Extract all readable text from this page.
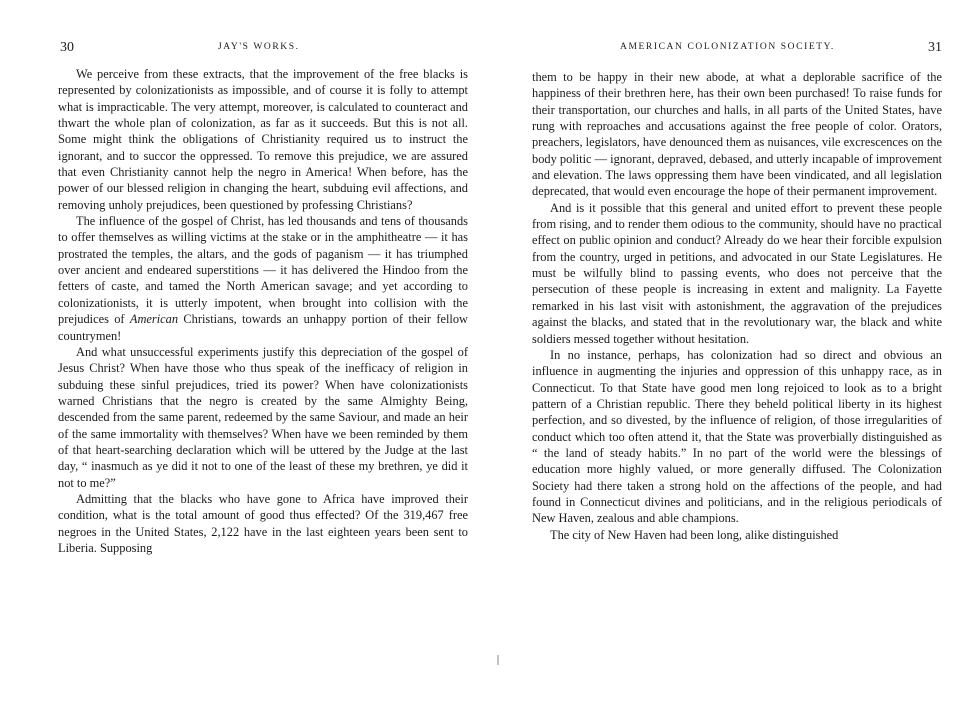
30	JAY'S WORKS.

We perceive from these extracts, that the improvement of the free blacks is represented by colonizationists as impossible, and of course it is folly to attempt what is impracticable. The very attempt, moreover, is calculated to counteract and thwart the whole plan of colonization, as far as it succeeds. But this is not all. Some might think the obligations of Christianity required us to instruct the ignorant, and to succor the oppressed. To remove this prejudice, we are assured that even Christianity cannot help the negro in America! When before, has the power of our blessed religion in changing the heart, subduing evil affections, and removing unholy prejudices, been questioned by professing Christians?

The influence of the gospel of Christ, has led thousands and tens of thousands to offer themselves as willing victims at the stake or in the amphitheatre — it has prostrated the temples, the altars, and the gods of paganism — it has triumphed over ancient and endeared superstitions — it has delivered the Hindoo from the fetters of caste, and tamed the North American savage; and yet according to colonizationists, it is utterly impotent, when brought into collision with the prejudices of American Christians, towards an unhappy portion of their fellow countrymen!

And what unsuccessful experiments justify this depreciation of the gospel of Jesus Christ? When have those who thus speak of the inefficacy of religion in subduing these sinful prejudices, tried its power? When have colonizationists warned Christians that the negro is created by the same Almighty Being, descended from the same parent, redeemed by the same Saviour, and made an heir of the same immortality with themselves? When have we been reminded by them of that heart-searching declaration which will be uttered by the Judge at the last day, “ inasmuch as ye did it not to one of the least of these my brethren, ye did it not to me?”

Admitting that the blacks who have gone to Africa have improved their condition, what is the total amount of good thus effected? Of the 319,467 free negroes in the United States, 2,122 have in the last eighteen years been sent to Liberia. Supposing

AMERICAN COLONIZATION SOCIETY.	31

them to be happy in their new abode, at what a deplorable sacrifice of the happiness of their brethren here, has their own been purchased! To raise funds for their transportation, our churches and halls, in all parts of the United States, have rung with reproaches and accusations against the free people of color. Orators, preachers, legislators, have denounced them as nuisances, vile excrescences on the body politic — ignorant, depraved, debased, and utterly incapable of improvement and elevation. The laws oppressing them have been vindicated, and all legislation deprecated, that would even encourage the hope of their permanent improvement.

And is it possible that this general and united effort to prevent these people from rising, and to render them odious to the community, should have no practical effect on public opinion and conduct? Already do we hear their forcible expulsion from the country, urged in petitions, and advocated in our State Legislatures. He must be wilfully blind to passing events, who does not perceive that the persecution of these people is increasing in extent and malignity. La Fayette remarked in his last visit with astonishment, the aggravation of the prejudices against the blacks, and stated that in the revolutionary war, the black and white soldiers messed together without hesitation.

In no instance, perhaps, has colonization had so direct and obvious an influence in augmenting the injuries and oppression of this unhappy race, as in Connecticut. To that State have good men long rejoiced to look as to a bright pattern of a Christian republic. There they beheld political liberty in its highest perfection, and so divested, by the influence of religion, of those irregularities of conduct which too often attend it, that the State was proverbially distinguished as “ the land of steady habits.” In no part of the world were the blessings of education more highly valued, or more generally diffused. The Colonization Society had there taken a strong hold on the affections of the people, and had found in Connecticut divines and politicians, and in the religious periodicals of New Haven, zealous and able champions.

The city of New Haven had been long, alike distinguished
